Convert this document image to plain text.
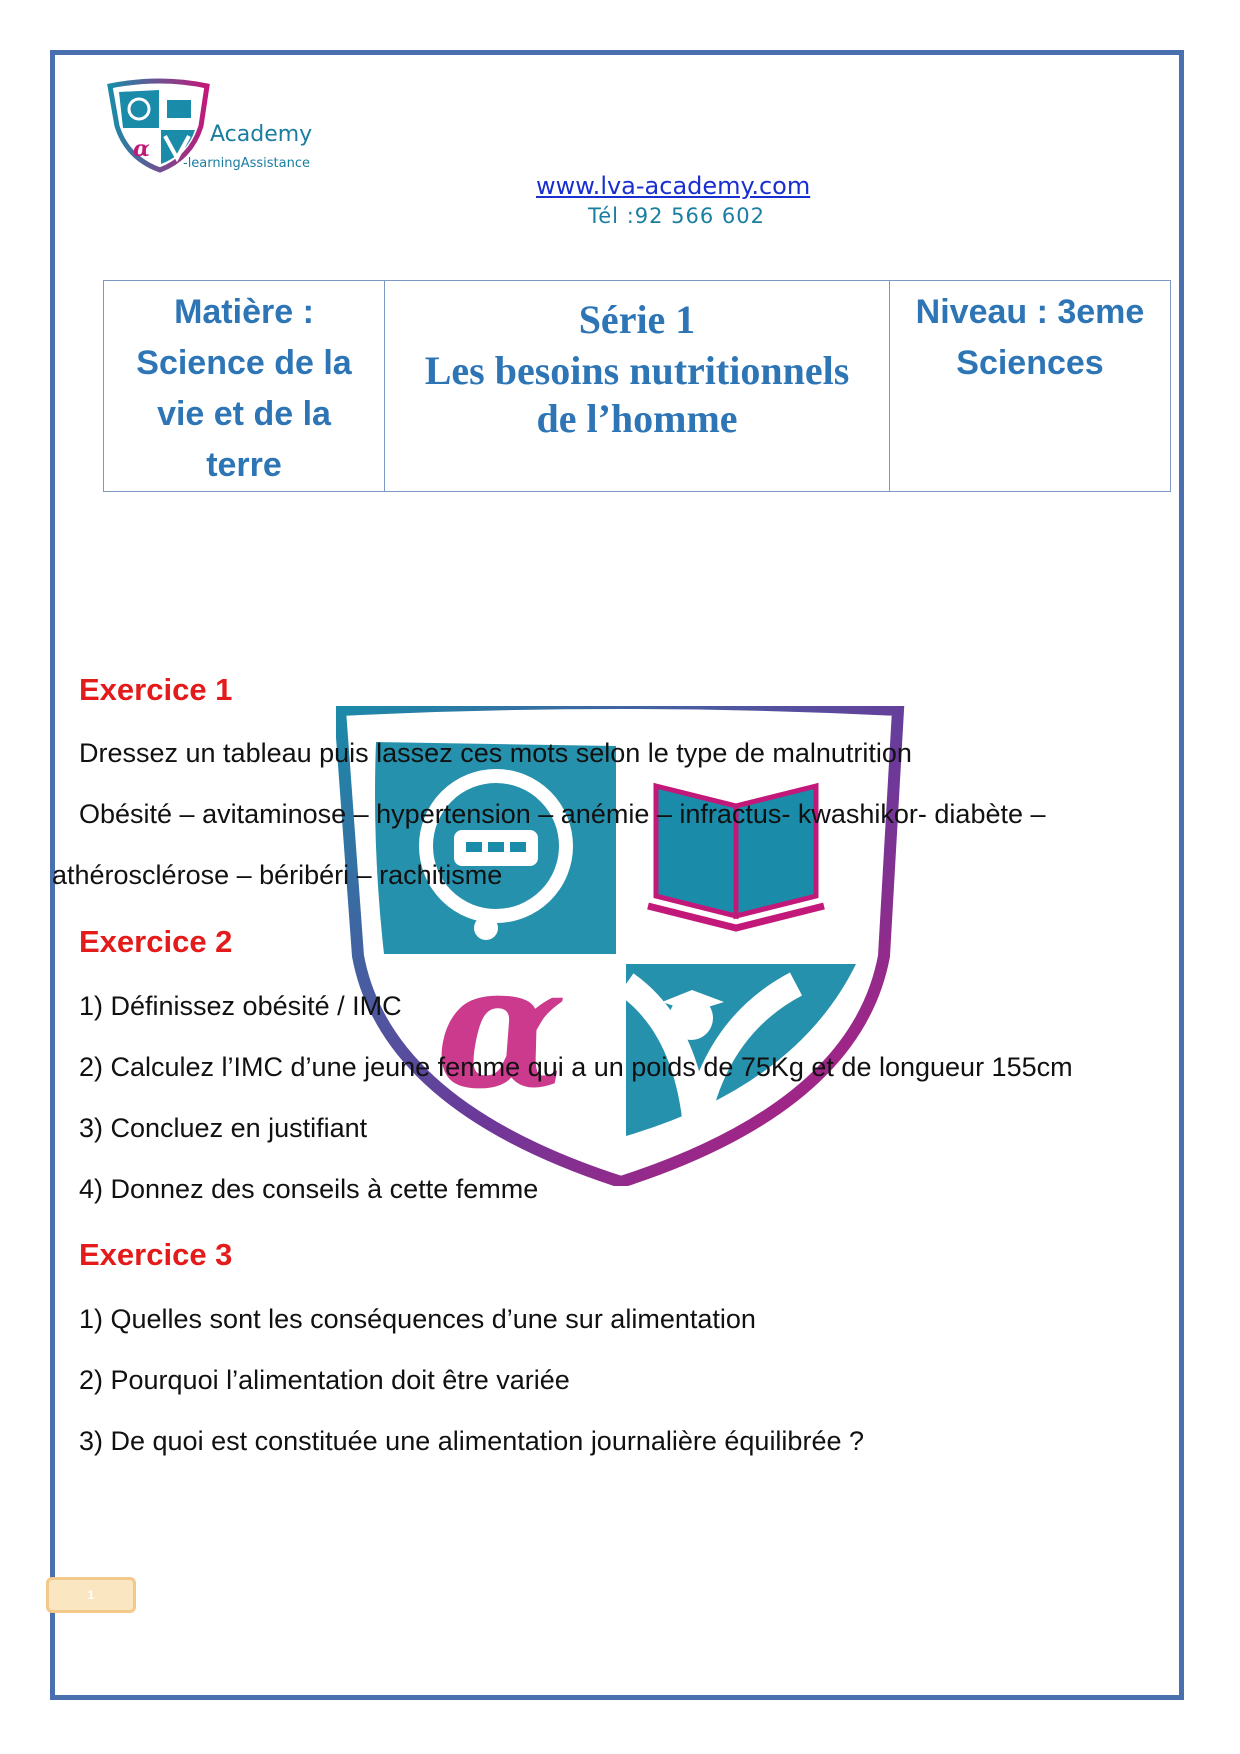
α
Academy
-learningAssistance
www.lva-academy.com
Tél :92 566 602
Matière :
Science de la
vie et de la
terre

Série 1
Les besoins nutritionnels
de l’homme

Niveau : 3eme
Sciences
α
Exercice 1
Dressez un tableau puis lassez ces mots selon le type de malnutrition
Obésité – avitaminose – hypertension – anémie – infractus- kwashikor- diabète –
athérosclérose – béribéri – rachitisme
Exercice 2
1) Définissez obésité / IMC
2) Calculez l’IMC d’une jeune femme qui a un poids de 75Kg et de longueur 155cm
3) Concluez en justifiant
4) Donnez des conseils à cette femme
Exercice 3
1) Quelles sont les conséquences d’une sur alimentation
2) Pourquoi l’alimentation doit être variée
3) De quoi est constituée une alimentation journalière équilibrée ?
1
